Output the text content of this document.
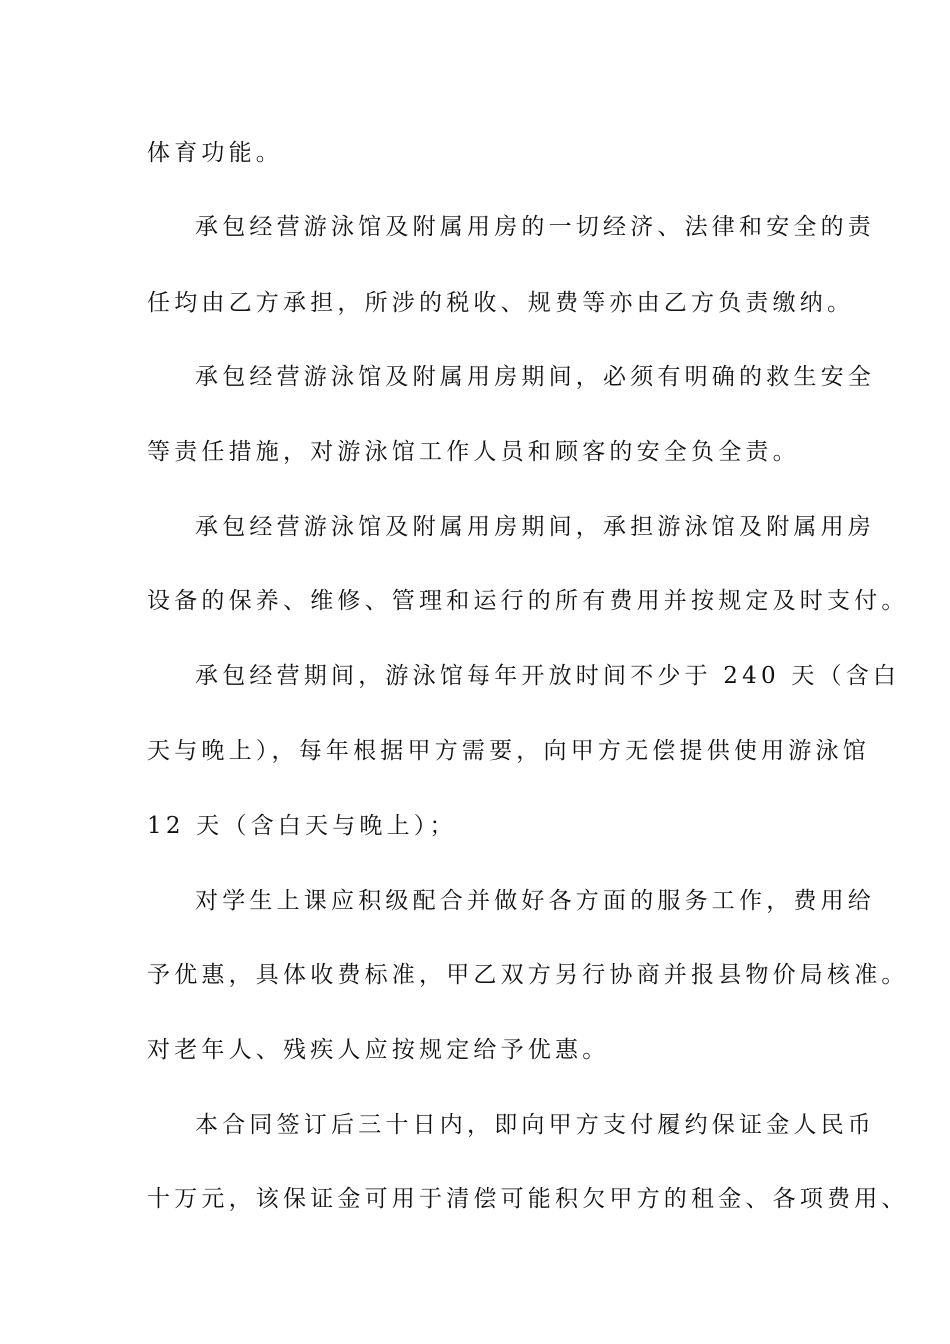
体育功能。
承包经营游泳馆及附属用房的一切经济、法律和安全的责
任均由乙方承担，所涉的税收、规费等亦由乙方负责缴纳。
承包经营游泳馆及附属用房期间，必须有明确的救生安全
等责任措施，对游泳馆工作人员和顾客的安全负全责。
承包经营游泳馆及附属用房期间，承担游泳馆及附属用房
设备的保养、维修、管理和运行的所有费用并按规定及时支付。
承包经营期间，游泳馆每年开放时间不少于 240 天（含白
天与晚上），每年根据甲方需要，向甲方无偿提供使用游泳馆
12 天（含白天与晚上）；
对学生上课应积级配合并做好各方面的服务工作，费用给
予优惠，具体收费标准，甲乙双方另行协商并报县物价局核准。
对老年人、残疾人应按规定给予优惠。
本合同签订后三十日内，即向甲方支付履约保证金人民币
十万元，该保证金可用于清偿可能积欠甲方的租金、各项费用、
